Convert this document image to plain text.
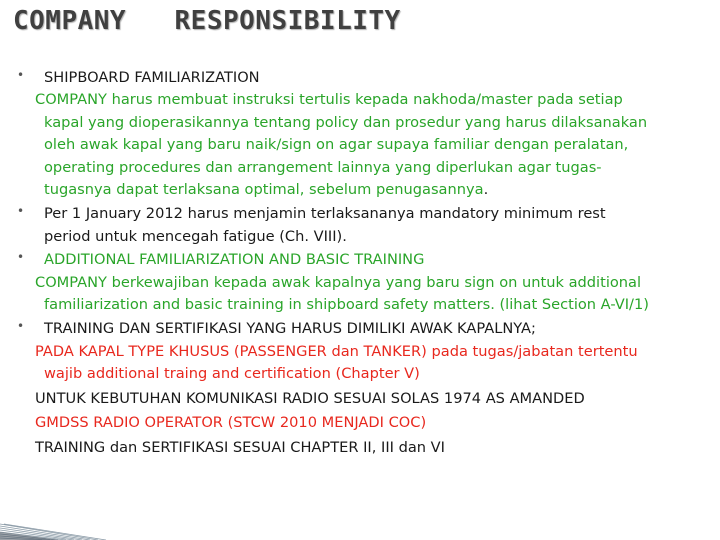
COMPANY   RESPONSIBILITY

• SHIPBOARD FAMILIARIZATION

COMPANY harus membuat instruksi tertulis kepada nakhoda/master pada setiap kapal yang dioperasikannya tentang policy dan prosedur yang harus dilaksanakan oleh awak kapal yang baru naik/sign on agar supaya familiar dengan peralatan, operating procedures dan arrangement lainnya yang diperlukan agar tugas-tugasnya dapat terlaksana optimal, sebelum penugasannya.

• Per 1 January 2012 harus menjamin terlaksananya mandatory minimum rest period untuk mencegah fatigue (Ch. VIII).

• ADDITIONAL FAMILIARIZATION AND BASIC TRAINING

COMPANY berkewajiban kepada awak kapalnya yang baru sign on untuk additional familiarization and basic training in shipboard safety matters. (lihat Section A-VI/1)

• TRAINING DAN SERTIFIKASI YANG HARUS DIMILIKI AWAK KAPALNYA;

PADA KAPAL TYPE KHUSUS (PASSENGER dan TANKER) pada tugas/jabatan tertentu wajib additional traing and certification (Chapter V)

UNTUK KEBUTUHAN KOMUNIKASI RADIO SESUAI SOLAS 1974 AS AMANDED

GMDSS RADIO OPERATOR (STCW 2010 MENJADI COC)

TRAINING dan SERTIFIKASI SESUAI CHAPTER II, III dan VI
